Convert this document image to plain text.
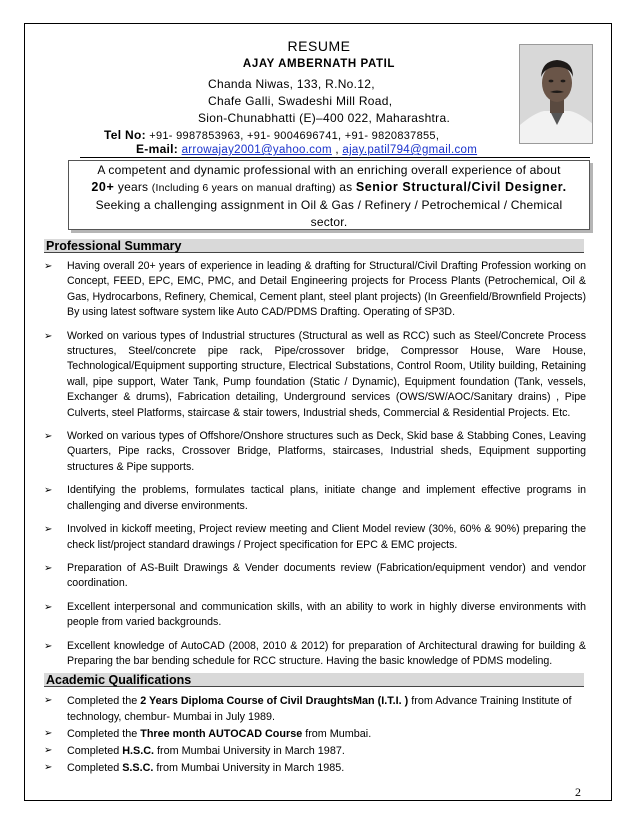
RESUME
AJAY AMBERNATH PATIL
Chanda Niwas, 133, R.No.12,
Chafe Galli, Swadeshi Mill Road,
Sion-Chunabhatti (E)–400 022, Maharashtra.
Tel No: +91- 9987853963, +91- 9004696741, +91- 9820837855,
E-mail: arrowajay2001@yahoo.com , ajay.patil794@gmail.com
A competent and dynamic professional with an enriching overall experience of about
20+ years (Including 6 years on manual drafting) as Senior Structural/Civil Designer.
Seeking a challenging assignment in Oil & Gas / Refinery / Petrochemical / Chemical
sector.
Professional Summary
➢ Having overall 20+ years of experience in leading & drafting for Structural/Civil Drafting Profession working on Concept, FEED, EPC, EMC, PMC, and Detail Engineering projects for Process Plants (Petrochemical, Oil & Gas, Hydrocarbons, Refinery, Chemical, Cement plant, steel plant projects) (In Greenfield/Brownfield Projects) By using latest software system like Auto CAD/PDMS Drafting. Operating of SP3D.
➢ Worked on various types of Industrial structures (Structural as well as RCC) such as Steel/Concrete Process structures, Steel/concrete pipe rack, Pipe/crossover bridge, Compressor House, Ware House, Technological/Equipment supporting structure, Electrical Substations, Control Room, Utility building, Retaining wall, pipe support, Water Tank, Pump foundation (Static / Dynamic), Equipment foundation (Tank, vessels, Exchanger & drums), Fabrication detailing, Underground services (OWS/SW/AOC/Sanitary drains) , Pipe Culverts, steel Platforms, staircase & stair towers, Industrial sheds, Commercial & Residential Projects. Etc.
➢ Worked on various types of Offshore/Onshore structures such as Deck, Skid base & Stabbing Cones, Leaving Quarters, Pipe racks, Crossover Bridge, Platforms, staircases, Industrial sheds, Equipment supporting structures & Pipe supports.
➢ Identifying the problems, formulates tactical plans, initiate change and implement effective programs in challenging and diverse environments.
➢ Involved in kickoff meeting, Project review meeting and Client Model review (30%, 60% & 90%) preparing the check list/project standard drawings / Project specification for EPC & EMC projects.
➢ Preparation of AS-Built Drawings & Vender documents review (Fabrication/equipment vendor) and vendor coordination.
➢ Excellent interpersonal and communication skills, with an ability to work in highly diverse environments with people from varied backgrounds.
➢ Excellent knowledge of AutoCAD (2008, 2010 & 2012) for preparation of Architectural drawing for building & Preparing the bar bending schedule for RCC structure. Having the basic knowledge of PDMS modeling.
Academic Qualifications
➢ Completed the 2 Years Diploma Course of Civil DraughtsMan (I.T.I. ) from Advance Training Institute of technology, chembur- Mumbai in July 1989.
➢ Completed the Three month AUTOCAD Course from Mumbai.
➢ Completed H.S.C. from Mumbai University in March 1987.
➢ Completed S.S.C. from Mumbai University in March 1985.
2
